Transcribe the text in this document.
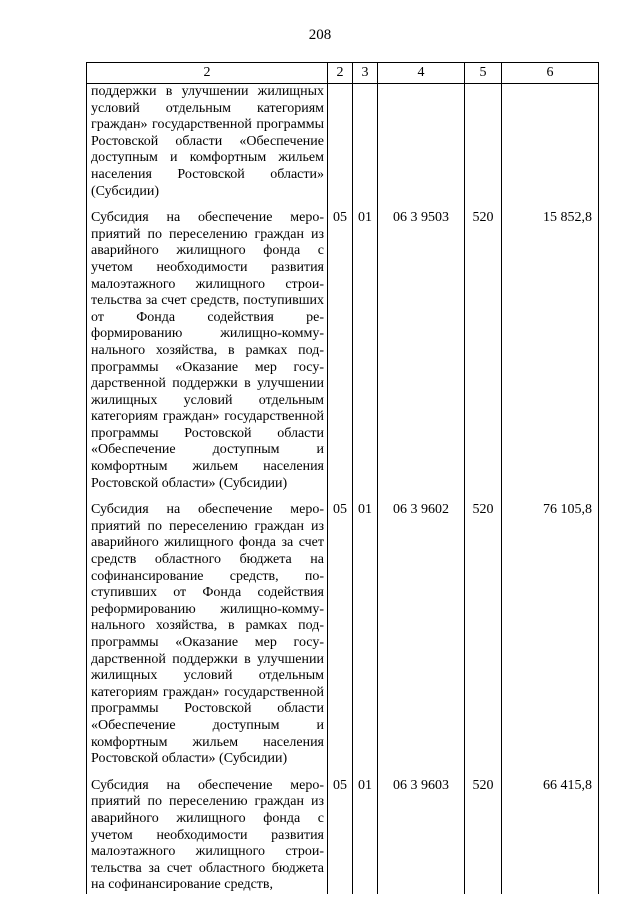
208
2	2	3	4	5	6
поддержки в улучшении жилищных условий отдельным категориям граждан» государственной программы Ростовской области «Обеспечение доступным и комфортным жильем населения Ростовской области» (Субсидии)					

Субсидия на обеспечение мероприятий по переселению граждан из аварийного жилищного фонда с учетом необходимости развития малоэтажного жилищного строительства за счет средств, поступивших от Фонда содействия реформированию жилищно-коммунального хозяйства, в рамках подпрограммы «Оказание мер государственной поддержки в улучшении жилищных условий отдельным категориям граждан» государственной программы Ростовской области «Обеспечение доступным и комфортным жильем населения Ростовской области» (Субсидии)	05	01	06 3 9503	520	15 852,8

Субсидия на обеспечение мероприятий по переселению граждан из аварийного жилищного фонда за счет средств областного бюджета на софинансирование средств, поступивших от Фонда содействия реформированию жилищно-коммунального хозяйства, в рамках подпрограммы «Оказание мер государственной поддержки в улучшении жилищных условий отдельным категориям граждан» государственной программы Ростовской области «Обеспечение доступным и комфортным жильем населения Ростовской области» (Субсидии)	05	01	06 3 9602	520	76 105,8

Субсидия на обеспечение мероприятий по переселению граждан из аварийного жилищного фонда с учетом необходимости развития малоэтажного жилищного строительства за счет областного бюджета на софинансирование средств,	05	01	06 3 9603	520	66 415,8
